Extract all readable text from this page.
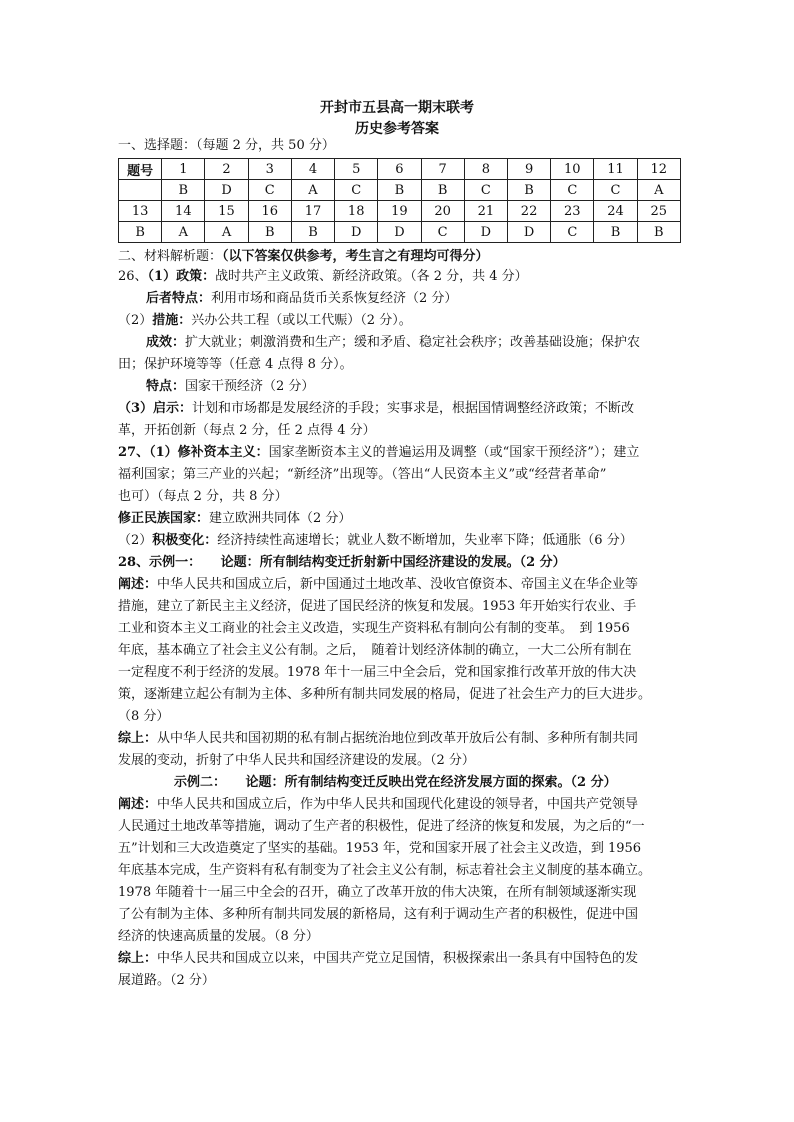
开封市五县高一期末联考
历史参考答案
一、选择题：（每题 2 分，共 50 分）
题号	1	2	3	4	5	6	7	8	9	10	11	12
	B	D	C	A	C	B	B	C	B	C	C	A
13	14	15	16	17	18	19	20	21	22	23	24	25
B	A	A	B	B	D	D	C	D	D	C	B	B
二、材料解析题：（以下答案仅供参考，考生言之有理均可得分）
26、（1）政策：战时共产主义政策、新经济政策。（各 2 分，共 4 分）
后者特点：利用市场和商品货币关系恢复经济（2 分）
（2）措施：兴办公共工程（或以工代赈）（2 分）。
成效：扩大就业；刺激消费和生产；缓和矛盾、稳定社会秩序；改善基础设施；保护农
田；保护环境等等（任意 4 点得 8 分）。
特点：国家干预经济（2 分）
（3）启示：计划和市场都是发展经济的手段；实事求是，根据国情调整经济政策；不断改
革，开拓创新（每点 2 分，任 2 点得 4 分）
27、（1）修补资本主义：国家垄断资本主义的普遍运用及调整（或“国家干预经济”）；建立
福利国家；第三产业的兴起；“新经济”出现等。（答出“人民资本主义”或“经营者革命”
也可）（每点 2 分，共 8 分）
修正民族国家：建立欧洲共同体（2 分）
（2）积极变化：经济持续性高速增长；就业人数不断增加，失业率下降；低通胀（6 分）
28、示例一：　　论题：所有制结构变迁折射新中国经济建设的发展。（2 分）
阐述：中华人民共和国成立后，新中国通过土地改革、没收官僚资本、帝国主义在华企业等
措施，建立了新民主主义经济，促进了国民经济的恢复和发展。1953 年开始实行农业、手
工业和资本主义工商业的社会主义改造，实现生产资料私有制向公有制的变革。　到 1956
年底，基本确立了社会主义公有制。之后，　随着计划经济体制的确立，一大二公所有制在
一定程度不利于经济的发展。1978 年十一届三中全会后，党和国家推行改革开放的伟大决
策，逐渐建立起公有制为主体、多种所有制共同发展的格局，促进了社会生产力的巨大进步。
（8 分）
综上：从中华人民共和国初期的私有制占据统治地位到改革开放后公有制、多种所有制共同
发展的变动，折射了中华人民共和国经济建设的发展。（2 分）
示例二：　　论题：所有制结构变迁反映出党在经济发展方面的探索。（2 分）
阐述：中华人民共和国成立后，作为中华人民共和国现代化建设的领导者，中国共产党领导
人民通过土地改革等措施，调动了生产者的积极性，促进了经济的恢复和发展，为之后的“一
五”计划和三大改造奠定了坚实的基础。1953 年，党和国家开展了社会主义改造，到 1956
年底基本完成，生产资料有私有制变为了社会主义公有制，标志着社会主义制度的基本确立。
1978 年随着十一届三中全会的召开，确立了改革开放的伟大决策，在所有制领域逐渐实现
了公有制为主体、多种所有制共同发展的新格局，这有利于调动生产者的积极性，促进中国
经济的快速高质量的发展。（8 分）
综上：中华人民共和国成立以来，中国共产党立足国情，积极探索出一条具有中国特色的发
展道路。（2 分）
